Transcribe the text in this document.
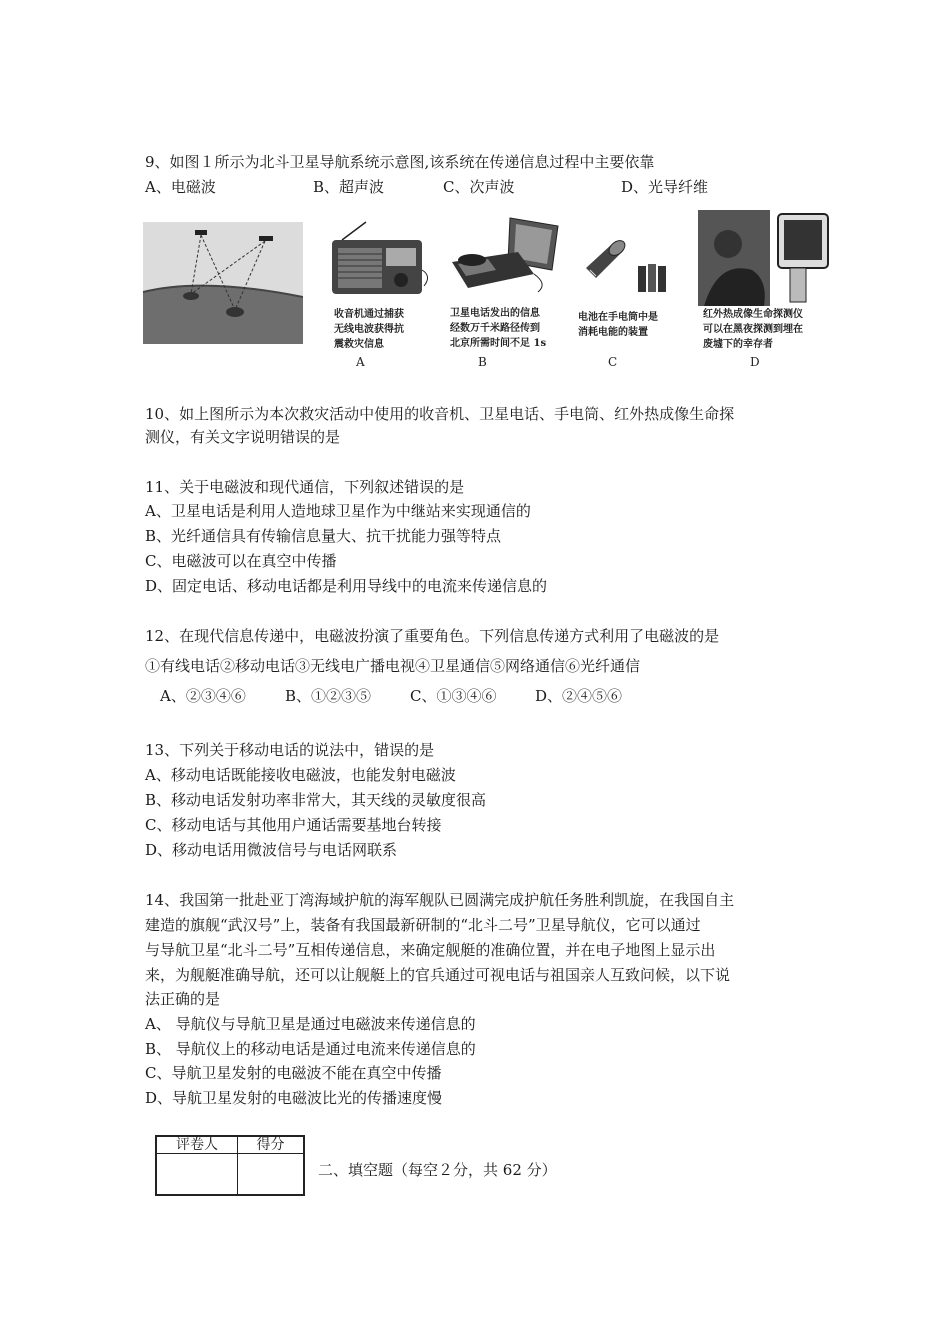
9、如图１所示为北斗卫星导航系统示意图,该系统在传递信息过程中主要依靠
A、电磁波	B、超声波	C、次声波	D、光导纤维
收音机通过捕获
无线电波获得抗
震救灾信息
A
卫星电话发出的信息
经数万千米路径传到
北京所需时间不足 1s
B
电池在手电筒中是
消耗电能的装置
C
红外热成像生命探测仪
可以在黑夜探测到埋在
废墟下的幸存者
D
10、如上图所示为本次救灾活动中使用的收音机、卫星电话、手电筒、红外热成像生命探
测仪，有关文字说明错误的是
11、关于电磁波和现代通信，下列叙述错误的是
A、卫星电话是利用人造地球卫星作为中继站来实现通信的
B、光纤通信具有传输信息量大、抗干扰能力强等特点
C、电磁波可以在真空中传播
D、固定电话、移动电话都是利用导线中的电流来传递信息的
12、在现代信息传递中，电磁波扮演了重要角色。下列信息传递方式利用了电磁波的是
①有线电话②移动电话③无线电广播电视④卫星通信⑤网络通信⑥光纤通信
A、②③④⑥	B、①②③⑤	C、①③④⑥	D、②④⑤⑥
13、下列关于移动电话的说法中，错误的是
A、移动电话既能接收电磁波，也能发射电磁波
B、移动电话发射功率非常大，其天线的灵敏度很高
C、移动电话与其他用户通话需要基地台转接
D、移动电话用微波信号与电话网联系
14、我国第一批赴亚丁湾海域护航的海军舰队已圆满完成护航任务胜利凯旋，在我国自主
建造的旗舰“武汉号”上，装备有我国最新研制的“北斗二号”卫星导航仪，它可以通过
与导航卫星“北斗二号”互相传递信息，来确定舰艇的准确位置，并在电子地图上显示出
来，为舰艇准确导航，还可以让舰艇上的官兵通过可视电话与祖国亲人互致问候，以下说
法正确的是
A、 导航仪与导航卫星是通过电磁波来传递信息的
B、 导航仪上的移动电话是通过电流来传递信息的
C、导航卫星发射的电磁波不能在真空中传播
D、导航卫星发射的电磁波比光的传播速度慢
评卷人	得分

二、填空题（每空２分，共 62 分）
